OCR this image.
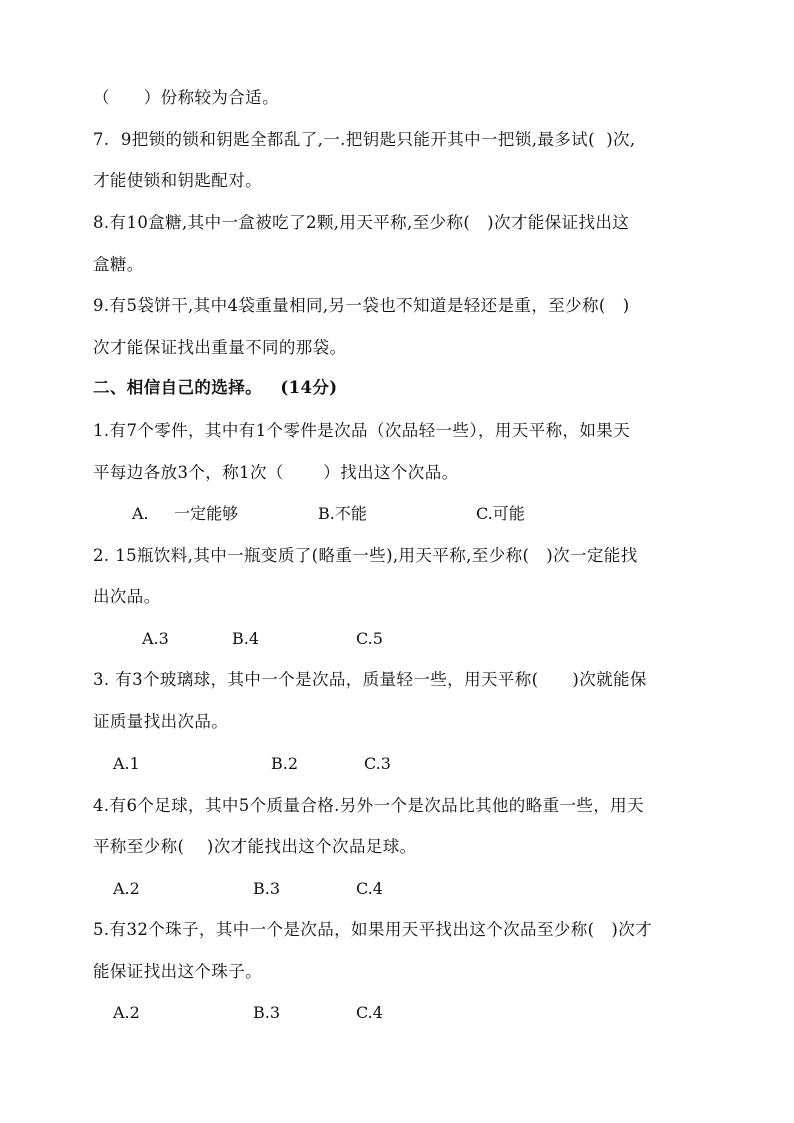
（      ）份称较为合适。
7.  9把锁的锁和钥匙全都乱了,一.把钥匙只能开其中一把锁,最多试(  )次,
才能使锁和钥匙配对。
8.有10盒糖,其中一盒被吃了2颗,用天平称,至少称(   )次才能保证找出这
盒糖。
9.有5袋饼干,其中4袋重量相同,另一袋也不知道是轻还是重，至少称(   )
次才能保证找出重量不同的那袋。
二、相信自己的选择。   (14分)
1.有7个零件，其中有1个零件是次品（次品轻一些），用天平称，如果天
平每边各放3个，称1次（       ）找出这个次品。
A.     一定能够	B.不能	C.可能
2. 15瓶饮料,其中一瓶变质了(略重一些),用天平称,至少称(   )次一定能找
出次品。
A.3	B.4	C.5
3. 有3个玻璃球，其中一个是次品，质量轻一些，用天平称(      )次就能保
证质量找出次品。
A.1	B.2	C.3
4.有6个足球，其中5个质量合格.另外一个是次品比其他的略重一些，用天
平称至少称(    )次才能找出这个次品足球。
A.2	B.3	C.4
5.有32个珠子，其中一个是次品，如果用天平找出这个次品至少称(   )次才
能保证找出这个珠子。
A.2	B.3	C.4
